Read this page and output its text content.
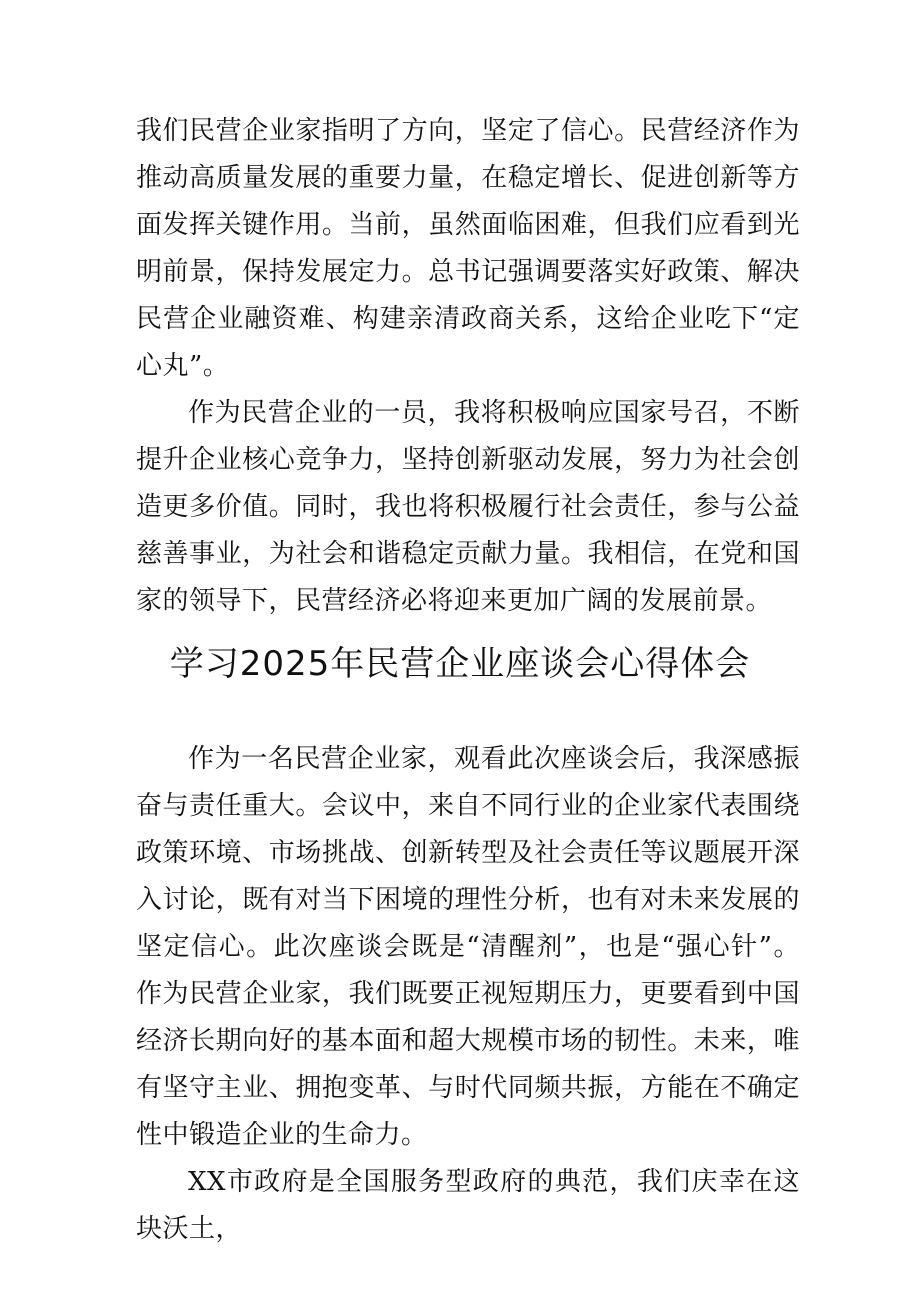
我们民营企业家指明了方向，坚定了信心。民营经济作为推动高质量发展的重要力量，在稳定增长、促进创新等方面发挥关键作用。当前，虽然面临困难，但我们应看到光明前景，保持发展定力。总书记强调要落实好政策、解决民营企业融资难、构建亲清政商关系，这给企业吃下“定心丸”。

作为民营企业的一员，我将积极响应国家号召，不断提升企业核心竞争力，坚持创新驱动发展，努力为社会创造更多价值。同时，我也将积极履行社会责任，参与公益慈善事业，为社会和谐稳定贡献力量。我相信，在党和国家的领导下，民营经济必将迎来更加广阔的发展前景。

学习2025年民营企业座谈会心得体会

作为一名民营企业家，观看此次座谈会后，我深感振奋与责任重大。会议中，来自不同行业的企业家代表围绕政策环境、市场挑战、创新转型及社会责任等议题展开深入讨论，既有对当下困境的理性分析，也有对未来发展的坚定信心。此次座谈会既是“清醒剂”，也是“强心针”。作为民营企业家，我们既要正视短期压力，更要看到中国经济长期向好的基本面和超大规模市场的韧性。未来，唯有坚守主业、拥抱变革、与时代同频共振，方能在不确定性中锻造企业的生命力。

XX市政府是全国服务型政府的典范，我们庆幸在这块沃土，
